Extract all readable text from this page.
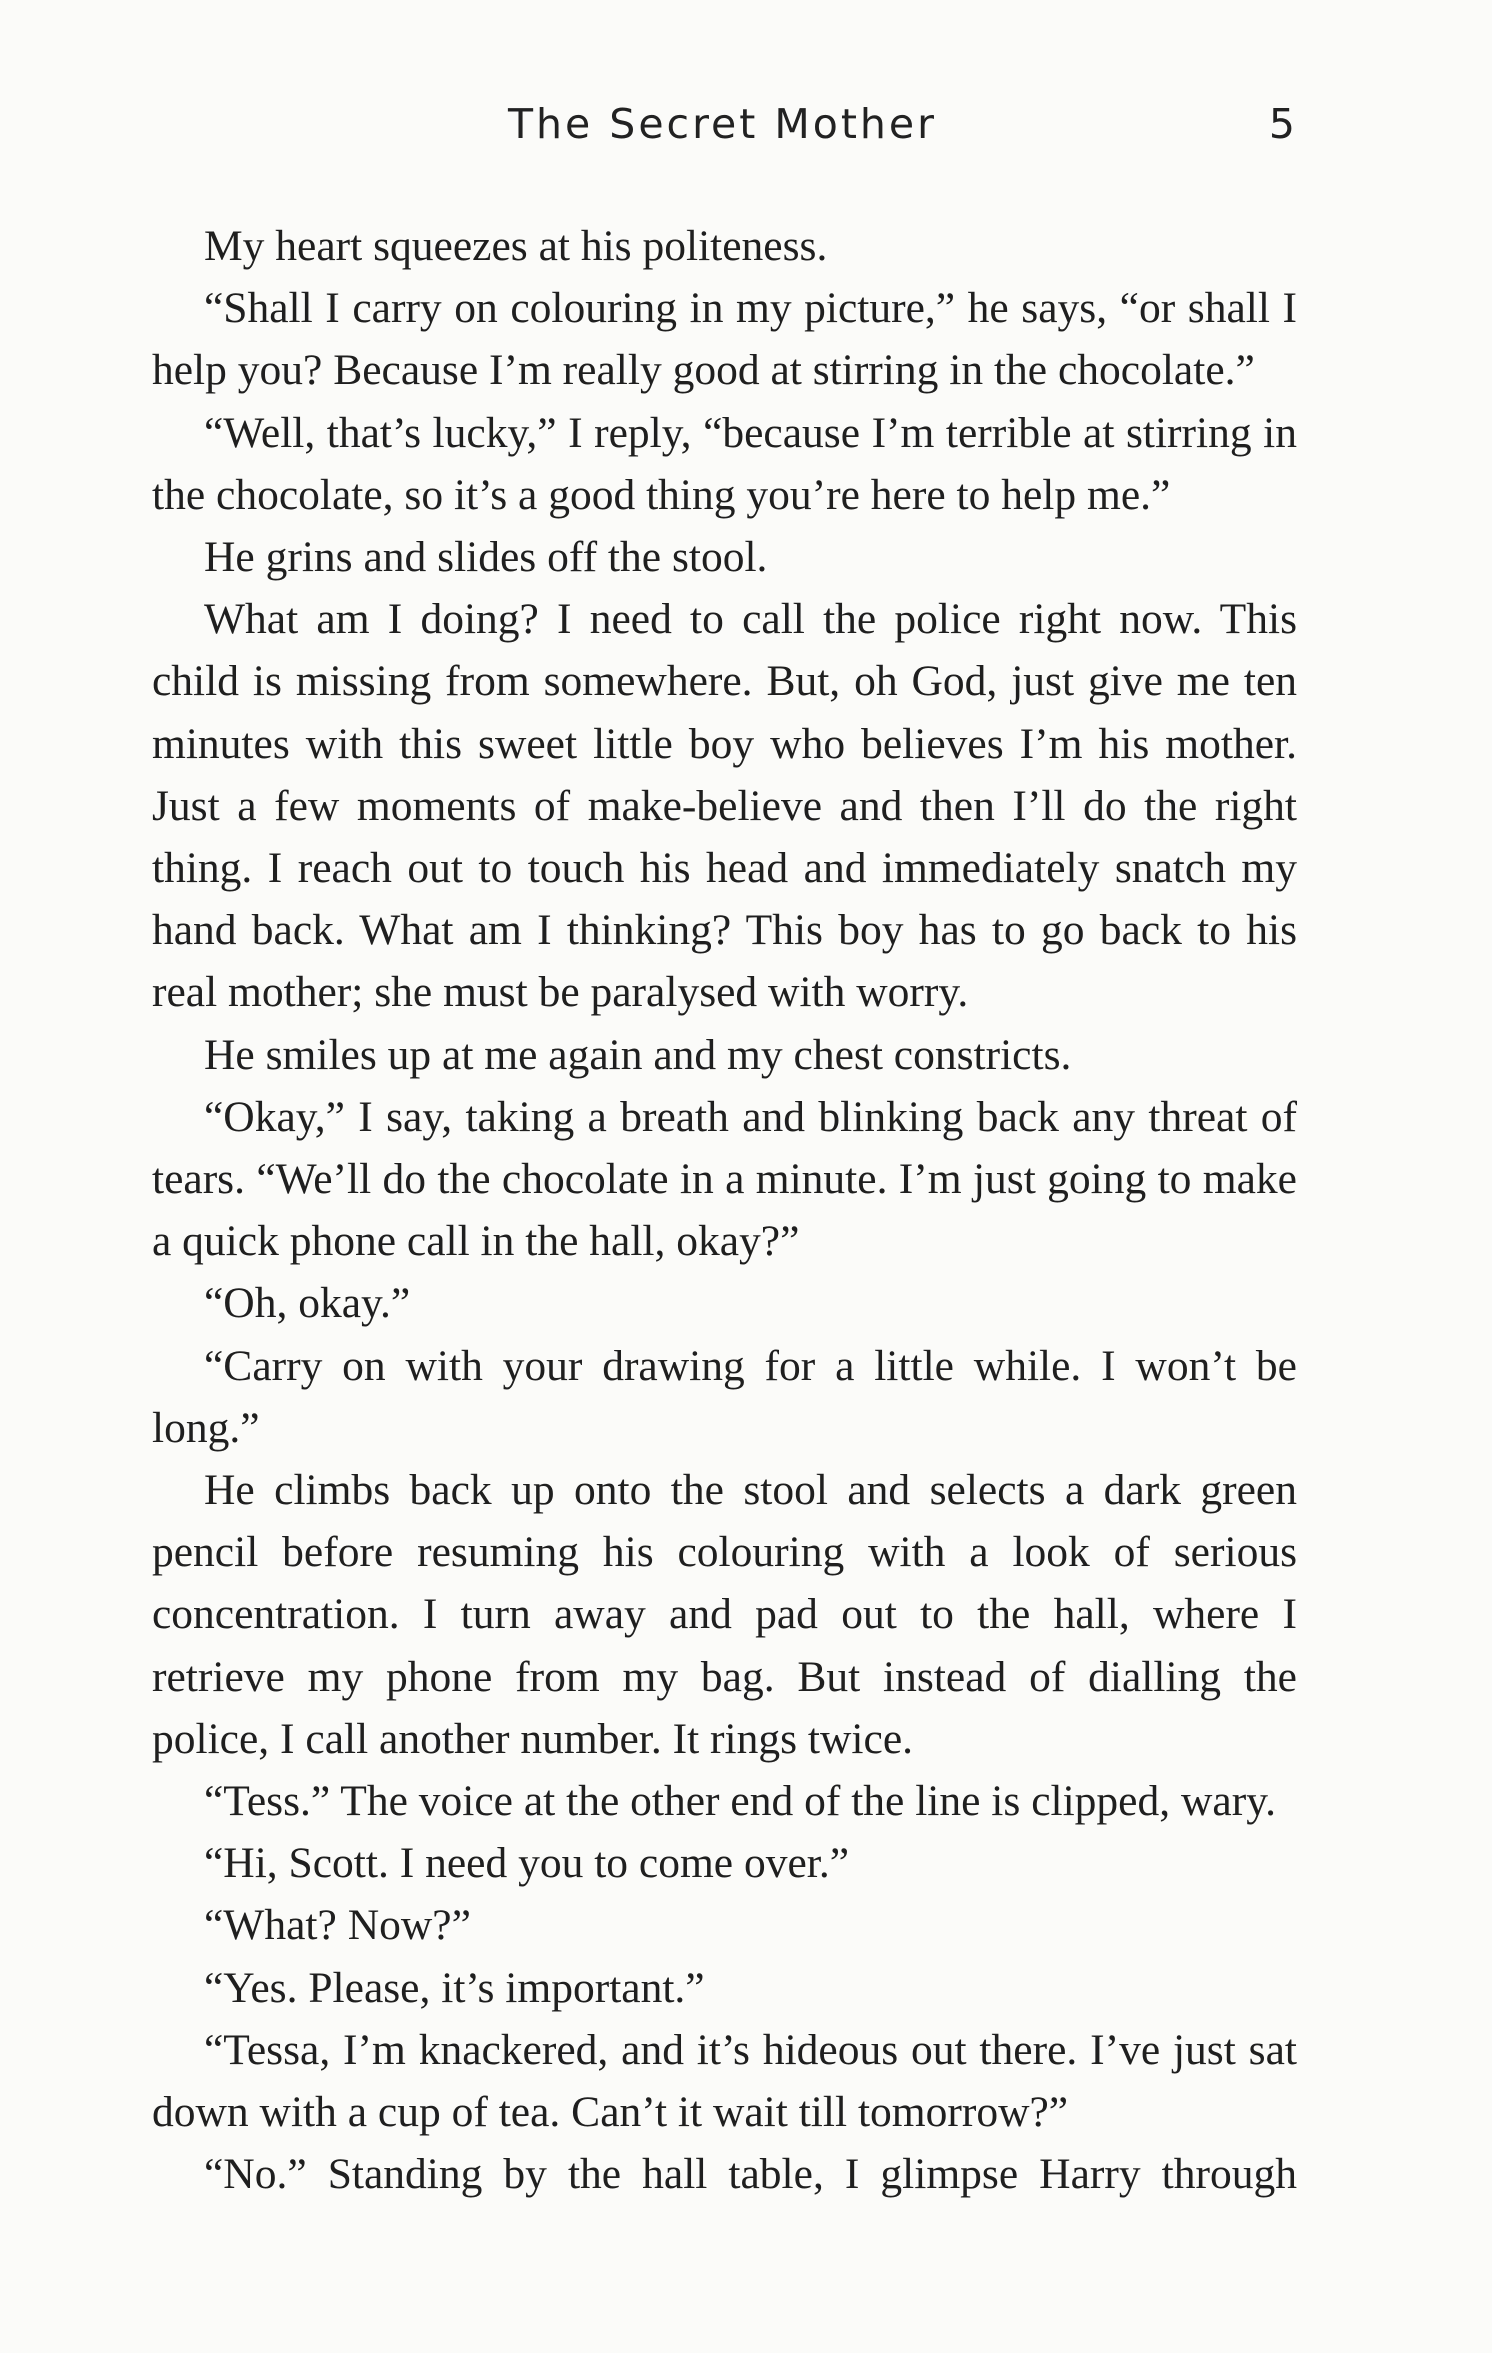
The Secret Mother	5

My heart squeezes at his politeness.

“Shall I carry on colouring in my picture,” he says, “or shall I help you? Because I’m really good at stirring in the chocolate.”

“Well, that’s lucky,” I reply, “because I’m terrible at stirring in the chocolate, so it’s a good thing you’re here to help me.”

He grins and slides off the stool.

What am I doing? I need to call the police right now. This child is missing from somewhere. But, oh God, just give me ten minutes with this sweet little boy who believes I’m his mother. Just a few moments of make-believe and then I’ll do the right thing. I reach out to touch his head and immediately snatch my hand back. What am I thinking? This boy has to go back to his real mother; she must be paralysed with worry.

He smiles up at me again and my chest constricts.

“Okay,” I say, taking a breath and blinking back any threat of tears. “We’ll do the chocolate in a minute. I’m just going to make a quick phone call in the hall, okay?”

“Oh, okay.”

“Carry on with your drawing for a little while. I won’t be long.”

He climbs back up onto the stool and selects a dark green pencil before resuming his colouring with a look of serious concentration. I turn away and pad out to the hall, where I retrieve my phone from my bag. But instead of dialling the police, I call another number. It rings twice.

“Tess.” The voice at the other end of the line is clipped, wary.

“Hi, Scott. I need you to come over.”

“What? Now?”

“Yes. Please, it’s important.”

“Tessa, I’m knackered, and it’s hideous out there. I’ve just sat down with a cup of tea. Can’t it wait till tomorrow?”

“No.” Standing by the hall table, I glimpse Harry through
